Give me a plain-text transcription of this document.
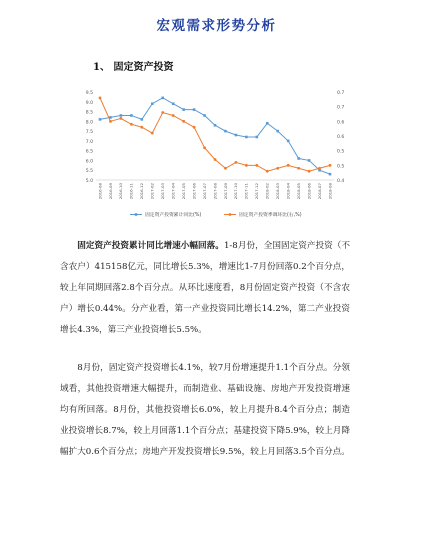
宏观需求形势分析
1、 固定资产投资
9.5
9.0
8.5
8.0
7.5
7.0
6.5
6.0
5.5
5.0
0.7
0.7
0.6
0.6
0.5
0.5
0.4
2016-08 2016-09 2016-10 2016-11 2016-12 2017-02 2017-03 2017-04 2017-05 2017-06 2017-07 2017-08 2017-09 2017-10 2017-11 2017-12 2018-02 2018-03 2018-04 2018-05 2018-06 2018-07 2018-08
固定资产投资累计同比(%)	固定资产投资季调环比(右,%)
固定资产投资累计同比增速小幅回落。1-8月份，全国固定资产投资（不含农户）415158亿元，同比增长5.3%，增速比1-7月份回落0.2个百分点，较上年同期回落2.8个百分点。从环比速度看，8月份固定资产投资（不含农户）增长0.44%。分产业看，第一产业投资同比增长14.2%，第二产业投资增长4.3%，第三产业投资增长5.5%。
8月份，固定资产投资增长4.1%，较7月份增速提升1.1个百分点。分领域看，其他投资增速大幅提升，而制造业、基础设施、房地产开发投资增速均有所回落。8月份，其他投资增长6.0%，较上月提升8.4个百分点；制造业投资增长8.7%，较上月回落1.1个百分点；基建投资下降5.9%，较上月降幅扩大0.6个百分点；房地产开发投资增长9.5%，较上月回落3.5个百分点。
